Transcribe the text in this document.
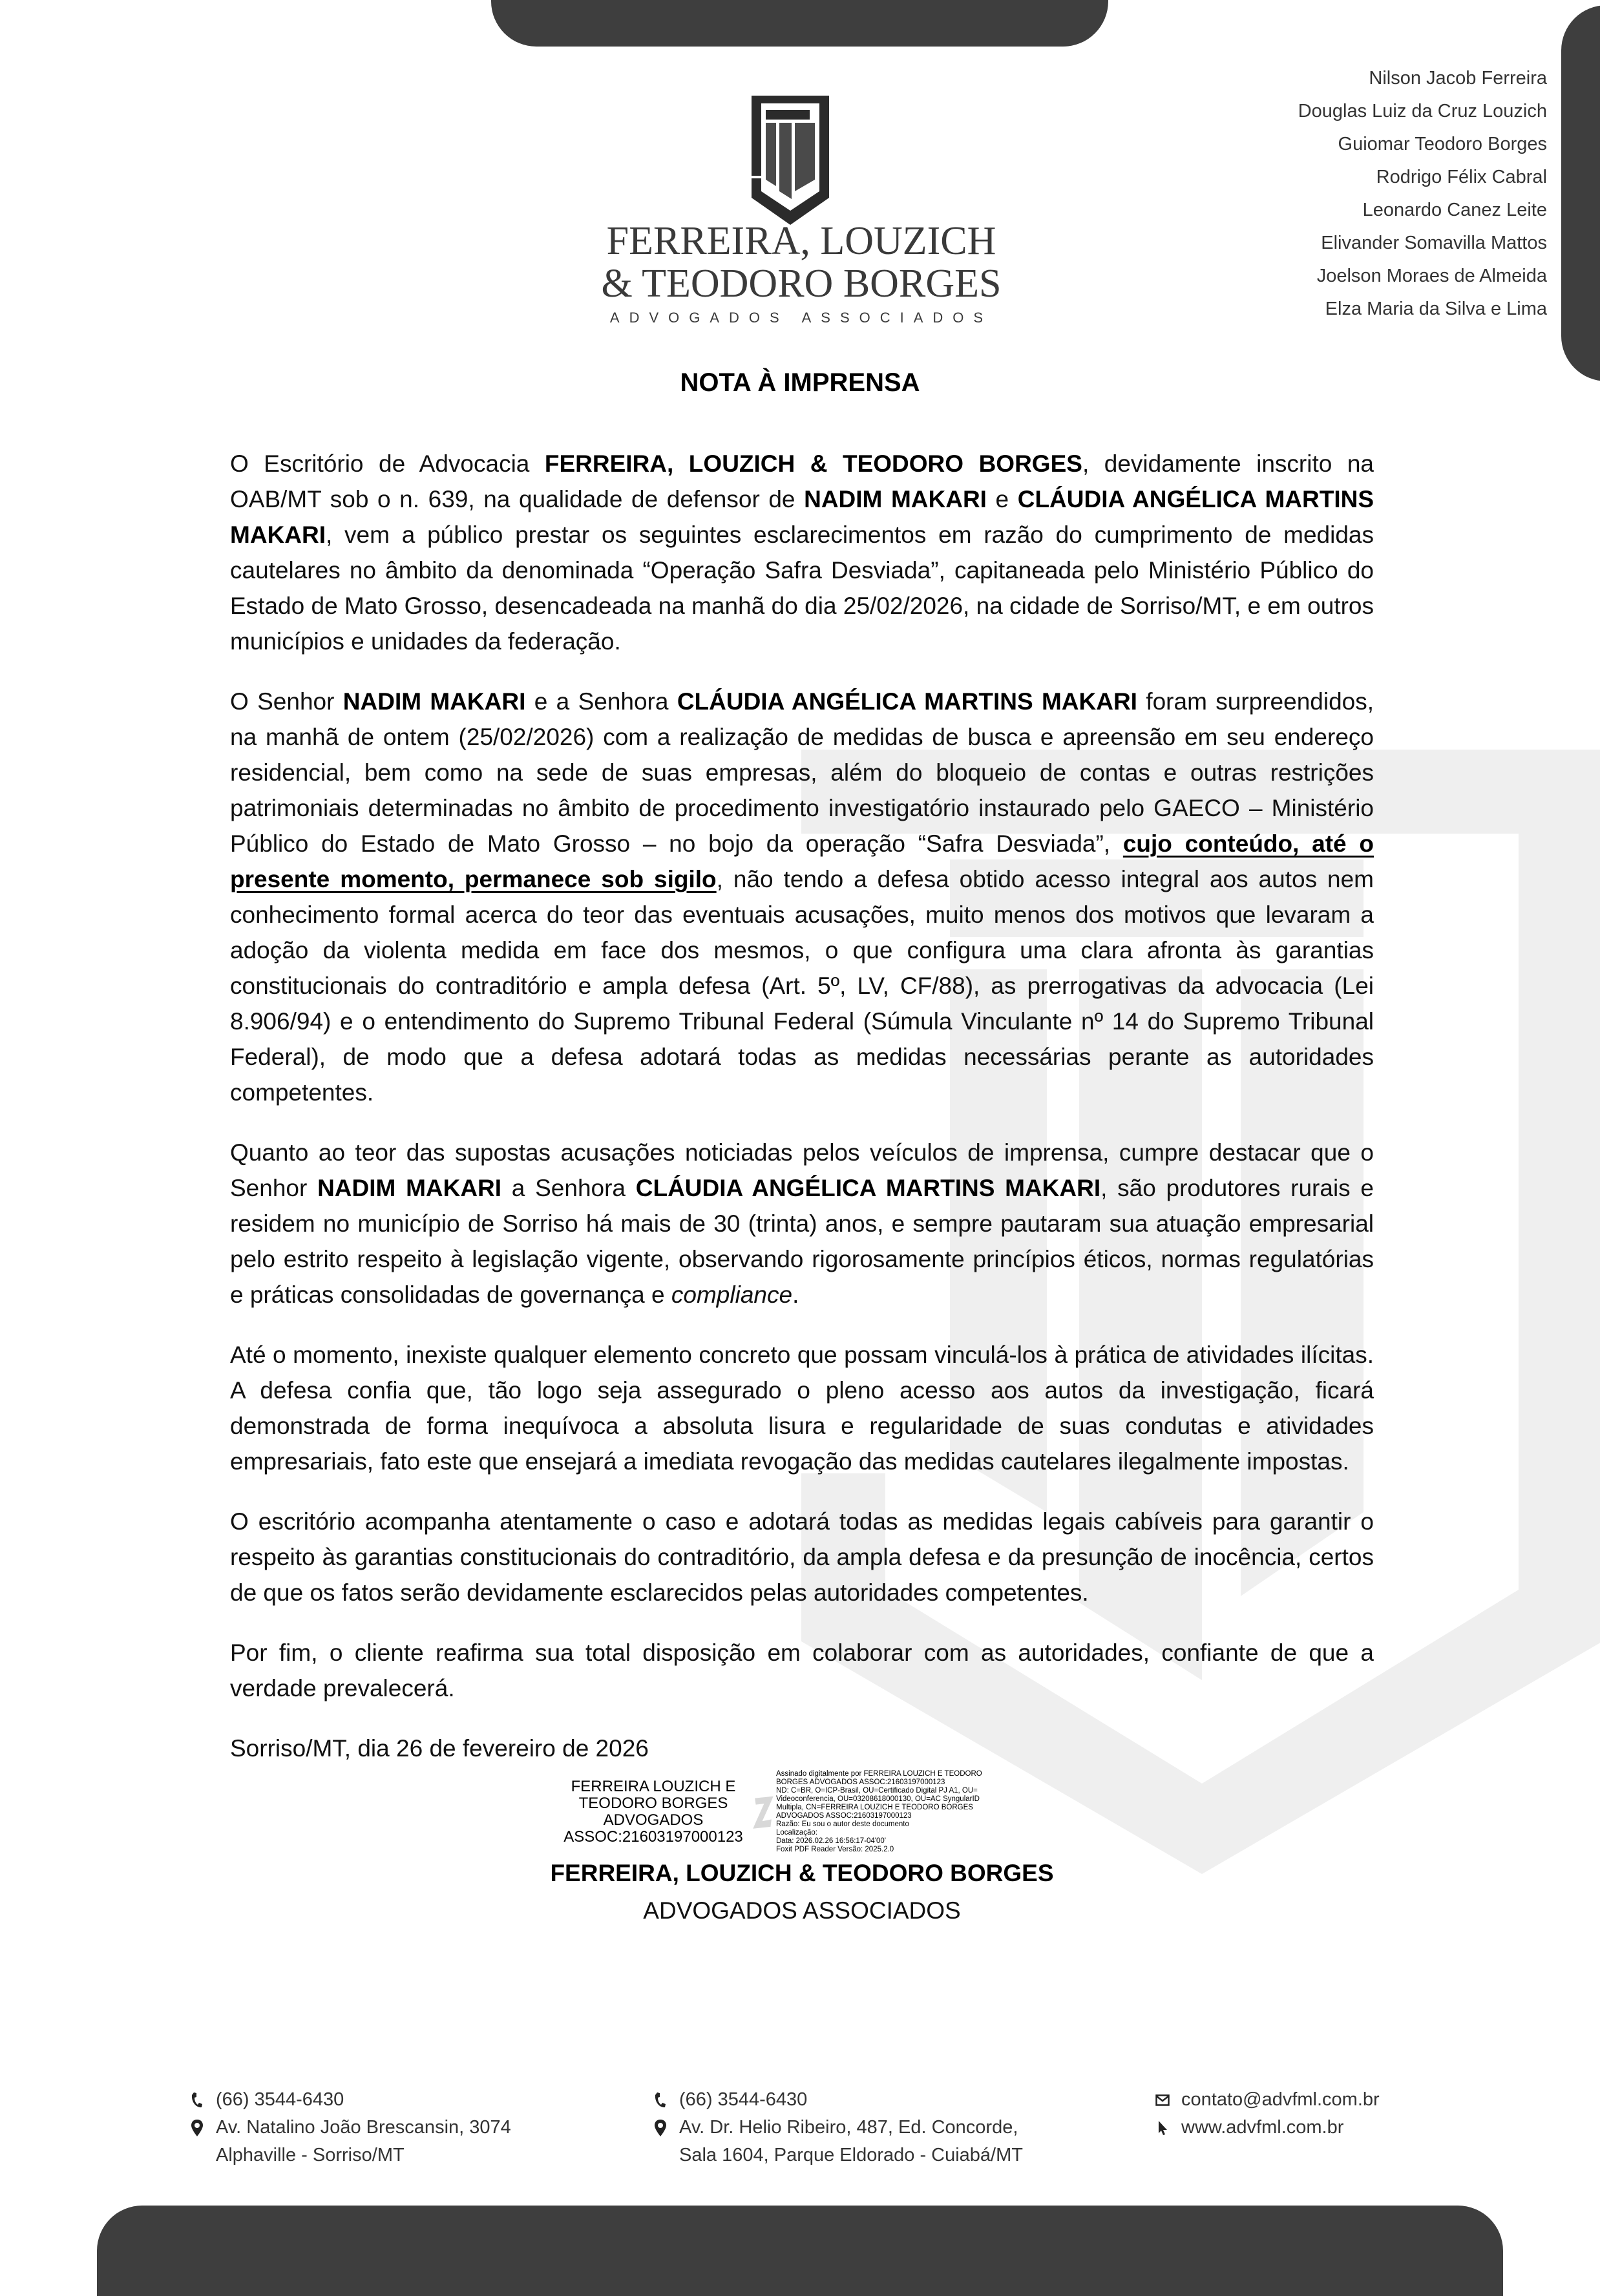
FERREIRA, LOUZICH
& TEODORO BORGES
ADVOGADOS ASSOCIADOS
Nilson Jacob Ferreira
Douglas Luiz da Cruz Louzich
Guiomar Teodoro Borges
Rodrigo Félix Cabral
Leonardo Canez Leite
Elivander Somavilla Mattos
Joelson Moraes de Almeida
Elza Maria da Silva e Lima
NOTA À IMPRENSA

O Escritório de Advocacia FERREIRA, LOUZICH & TEODORO BORGES, devidamente inscrito na OAB/MT sob o n. 639, na qualidade de defensor de NADIM MAKARI e CLÁUDIA ANGÉLICA MARTINS MAKARI, vem a público prestar os seguintes esclarecimentos em razão do cumprimento de medidas cautelares no âmbito da denominada “Operação Safra Desviada”, capitaneada pelo Ministério Público do Estado de Mato Grosso, desencadeada na manhã do dia 25/02/2026, na cidade de Sorriso/MT, e em outros municípios e unidades da federação.

O Senhor NADIM MAKARI e a Senhora CLÁUDIA ANGÉLICA MARTINS MAKARI foram surpreendidos, na manhã de ontem (25/02/2026) com a realização de medidas de busca e apreensão em seu endereço residencial, bem como na sede de suas empresas, além do bloqueio de contas e outras restrições patrimoniais determinadas no âmbito de procedimento investigatório instaurado pelo GAECO – Ministério Público do Estado de Mato Grosso – no bojo da operação “Safra Desviada”, cujo conteúdo, até o presente momento, permanece sob sigilo, não tendo a defesa obtido acesso integral aos autos nem conhecimento formal acerca do teor das eventuais acusações, muito menos dos motivos que levaram a adoção da violenta medida em face dos mesmos, o que configura uma clara afronta às garantias constitucionais do contraditório e ampla defesa (Art. 5º, LV, CF/88), as prerrogativas da advocacia (Lei 8.906/94) e o entendimento do Supremo Tribunal Federal (Súmula Vinculante nº 14 do Supremo Tribunal Federal), de modo que a defesa adotará todas as medidas necessárias perante as autoridades competentes.

Quanto ao teor das supostas acusações noticiadas pelos veículos de imprensa, cumpre destacar que o Senhor NADIM MAKARI a Senhora CLÁUDIA ANGÉLICA MARTINS MAKARI, são produtores rurais e residem no município de Sorriso há mais de 30 (trinta) anos, e sempre pautaram sua atuação empresarial pelo estrito respeito à legislação vigente, observando rigorosamente princípios éticos, normas regulatórias e práticas consolidadas de governança e compliance.

Até o momento, inexiste qualquer elemento concreto que possam vinculá-los à prática de atividades ilícitas. A defesa confia que, tão logo seja assegurado o pleno acesso aos autos da investigação, ficará demonstrada de forma inequívoca a absoluta lisura e regularidade de suas condutas e atividades empresariais, fato este que ensejará a imediata revogação das medidas cautelares ilegalmente impostas.

O escritório acompanha atentamente o caso e adotará todas as medidas legais cabíveis para garantir o respeito às garantias constitucionais do contraditório, da ampla defesa e da presunção de inocência, certos de que os fatos serão devidamente esclarecidos pelas autoridades competentes.

Por fim, o cliente reafirma sua total disposição em colaborar com as autoridades, confiante de que a verdade prevalecerá.

Sorriso/MT, dia 26 de fevereiro de 2026
FERREIRA LOUZICH E
TEODORO BORGES
ADVOGADOS
ASSOC:21603197000123
Assinado digitalmente por FERREIRA LOUZICH E TEODORO
BORGES ADVOGADOS ASSOC:21603197000123
ND: C=BR, O=ICP-Brasil, OU=Certificado Digital PJ A1, OU=
Videoconferencia, OU=03208618000130, OU=AC SyngularID
Multipla, CN=FERREIRA LOUZICH E TEODORO BORGES
ADVOGADOS ASSOC:21603197000123
Razão: Eu sou o autor deste documento
Localização:
Data: 2026.02.26 16:56:17-04'00'
Foxit PDF Reader Versão: 2025.2.0
FERREIRA, LOUZICH & TEODORO BORGES
ADVOGADOS ASSOCIADOS
(66) 3544-6430
Av. Natalino João Brescansin, 3074
Alphaville - Sorriso/MT
(66) 3544-6430
Av. Dr. Helio Ribeiro, 487, Ed. Concorde,
Sala 1604, Parque Eldorado - Cuiabá/MT
contato@advfml.com.br
www.advfml.com.br
